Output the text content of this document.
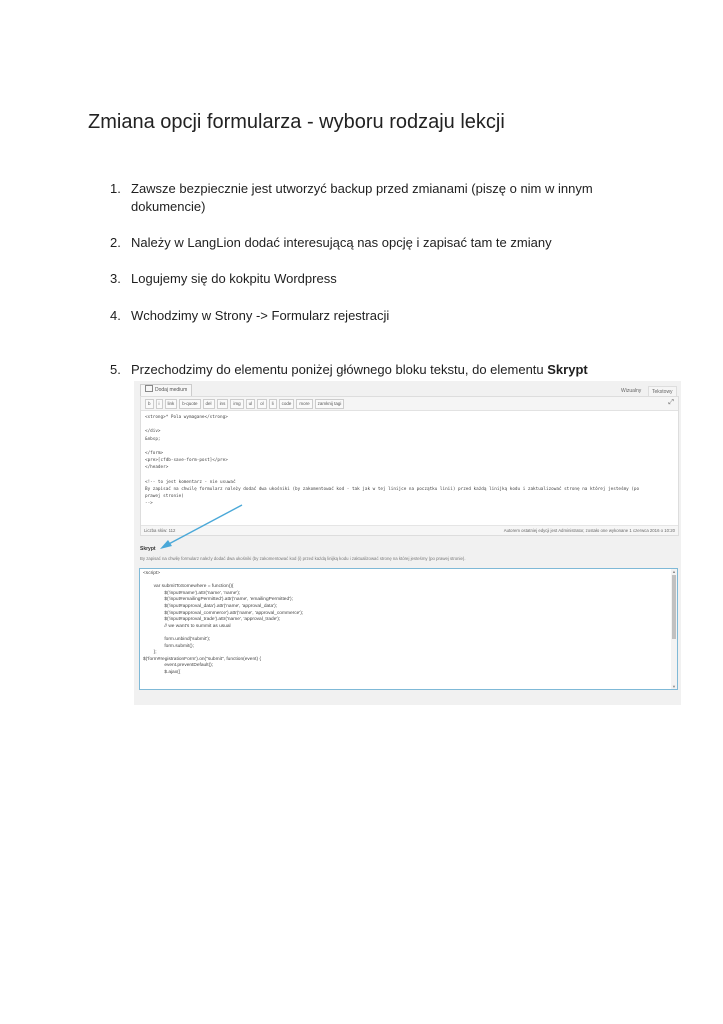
Zmiana opcji formularza - wyboru rodzaju lekcji
1. Zawsze bezpiecznie jest utworzyć backup przed zmianami (piszę o nim w innym dokumencie)
2. Należy w LangLion dodać interesującą nas opcję i zapisać tam te zmiany
3. Logujemy się do kokpitu Wordpress
4. Wchodzimy w Strony -> Formularz rejestracji
5. Przechodzimy do elementu poniżej głównego bloku tekstu, do elementu Skrypt
Dodaj medium	Wizualny	Tekstowy
b i link b-quote del ins img ul ol li code more zamknij tagi	⤢
<strong>* Pola wymagane</strong>

</div>
&nbsp;

</form>
<pre>[cfdb-save-form-post]</pre>
</header>

<!-- to jest komentarz - nie usuwać
By zapisać na chwilę formularz należy dodać dwa ukośniki (by zakomentować kod - tak jak w tej linijce na początku linii) przed każdą linijką kodu i zaktualizować stronę na której jesteśmy (po
prawej stronie)
-->
Liczba słów: 112	Autorem ostatniej edycji jest Administrator, zostało one wykonane 1 czerwca 2016 o 10:20
Skrypt
By zapisać na chwilę formularz należy dodać dwa ukośniki (by zakomentować kod (i) przed każdą linijką kodu i zaktualizować stronę na której jesteśmy (po prawej stronie).
<script>

var submitToSomewhere = function(){
$('input#name').attr('name', 'name');
$('input#emailingPermitted').attr('name', 'emailingPermitted');
$('input#approval_data').attr('name', 'approval_data');
$('input#approval_commerce').attr('name', 'approval_commerce');
$('input#approval_trade').attr('name', 'approval_trade');
// we want's to summit as usual

form.unbind('submit');
form.submit();
};
$('form#registrationForm').on("submit", function(event) {
event.preventDefault();
$.ajax({
▲
▼
